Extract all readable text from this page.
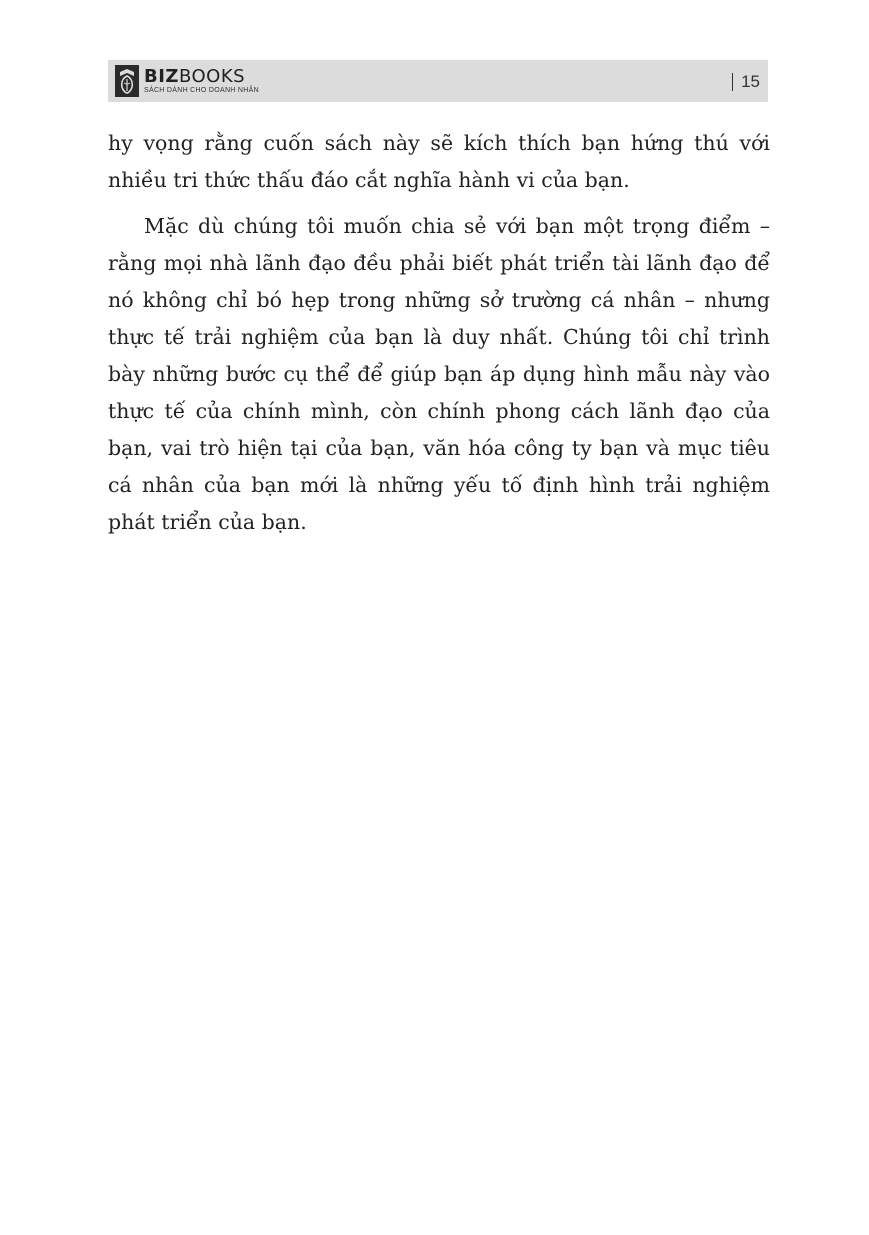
BIZBOOKS
SÁCH DÀNH CHO DOANH NHÂN	15

hy vọng rằng cuốn sách này sẽ kích thích bạn hứng thú với nhiều tri thức thấu đáo cắt nghĩa hành vi của bạn.

Mặc dù chúng tôi muốn chia sẻ với bạn một trọng điểm – rằng mọi nhà lãnh đạo đều phải biết phát triển tài lãnh đạo để nó không chỉ bó hẹp trong những sở trường cá nhân – nhưng thực tế trải nghiệm của bạn là duy nhất. Chúng tôi chỉ trình bày những bước cụ thể để giúp bạn áp dụng hình mẫu này vào thực tế của chính mình, còn chính phong cách lãnh đạo của bạn, vai trò hiện tại của bạn, văn hóa công ty bạn và mục tiêu cá nhân của bạn mới là những yếu tố định hình trải nghiệm phát triển của bạn.
